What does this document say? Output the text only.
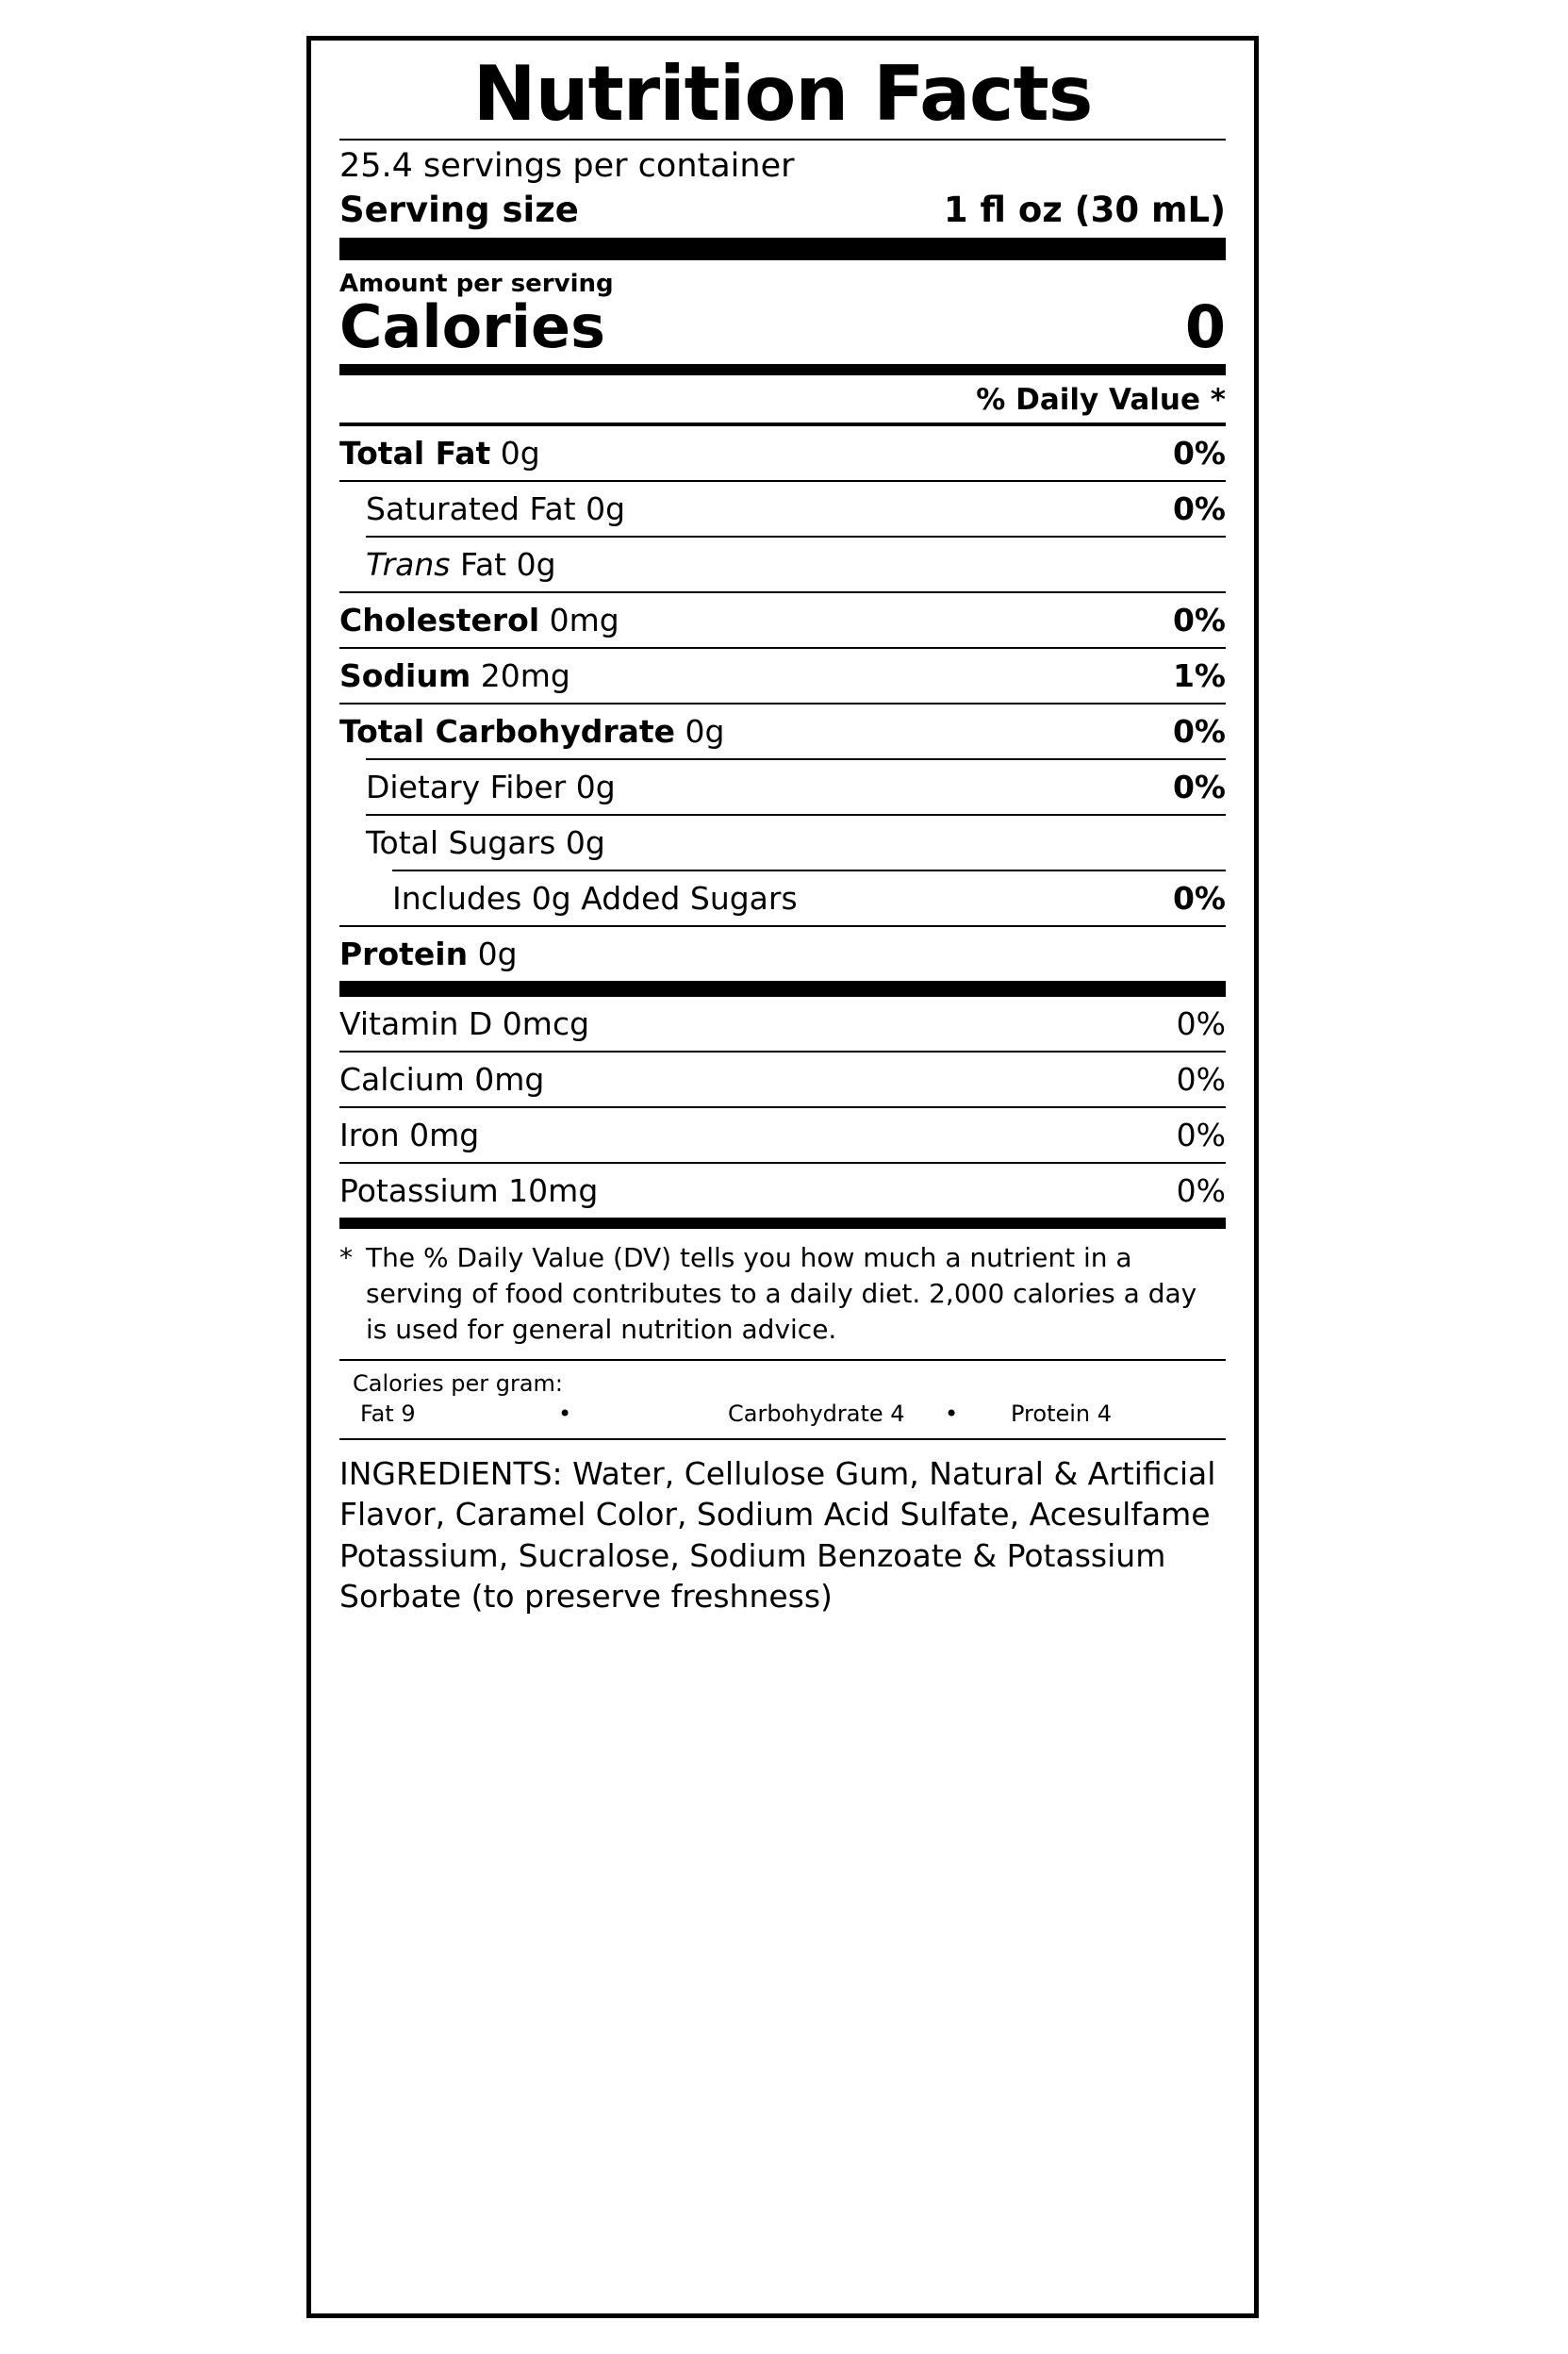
Nutrition Facts
25.4 servings per container
Serving size	1 fl oz (30 mL)
Amount per serving
Calories	0
% Daily Value *
Total Fat 0g	0%
Saturated Fat 0g	0%
Trans Fat 0g
Cholesterol 0mg	0%
Sodium 20mg	1%
Total Carbohydrate 0g	0%
Dietary Fiber 0g	0%
Total Sugars 0g
Includes 0g Added Sugars	0%
Protein 0g
Vitamin D 0mcg	0%
Calcium 0mg	0%
Iron 0mg	0%
Potassium 10mg	0%
* The % Daily Value (DV) tells you how much a nutrient in a serving of food contributes to a daily diet. 2,000 calories a day is used for general nutrition advice.
Calories per gram:
Fat 9	•	Carbohydrate 4	•	Protein 4
INGREDIENTS: Water, Cellulose Gum, Natural & Artificial Flavor, Caramel Color, Sodium Acid Sulfate, Acesulfame Potassium, Sucralose, Sodium Benzoate & Potassium Sorbate (to preserve freshness)
